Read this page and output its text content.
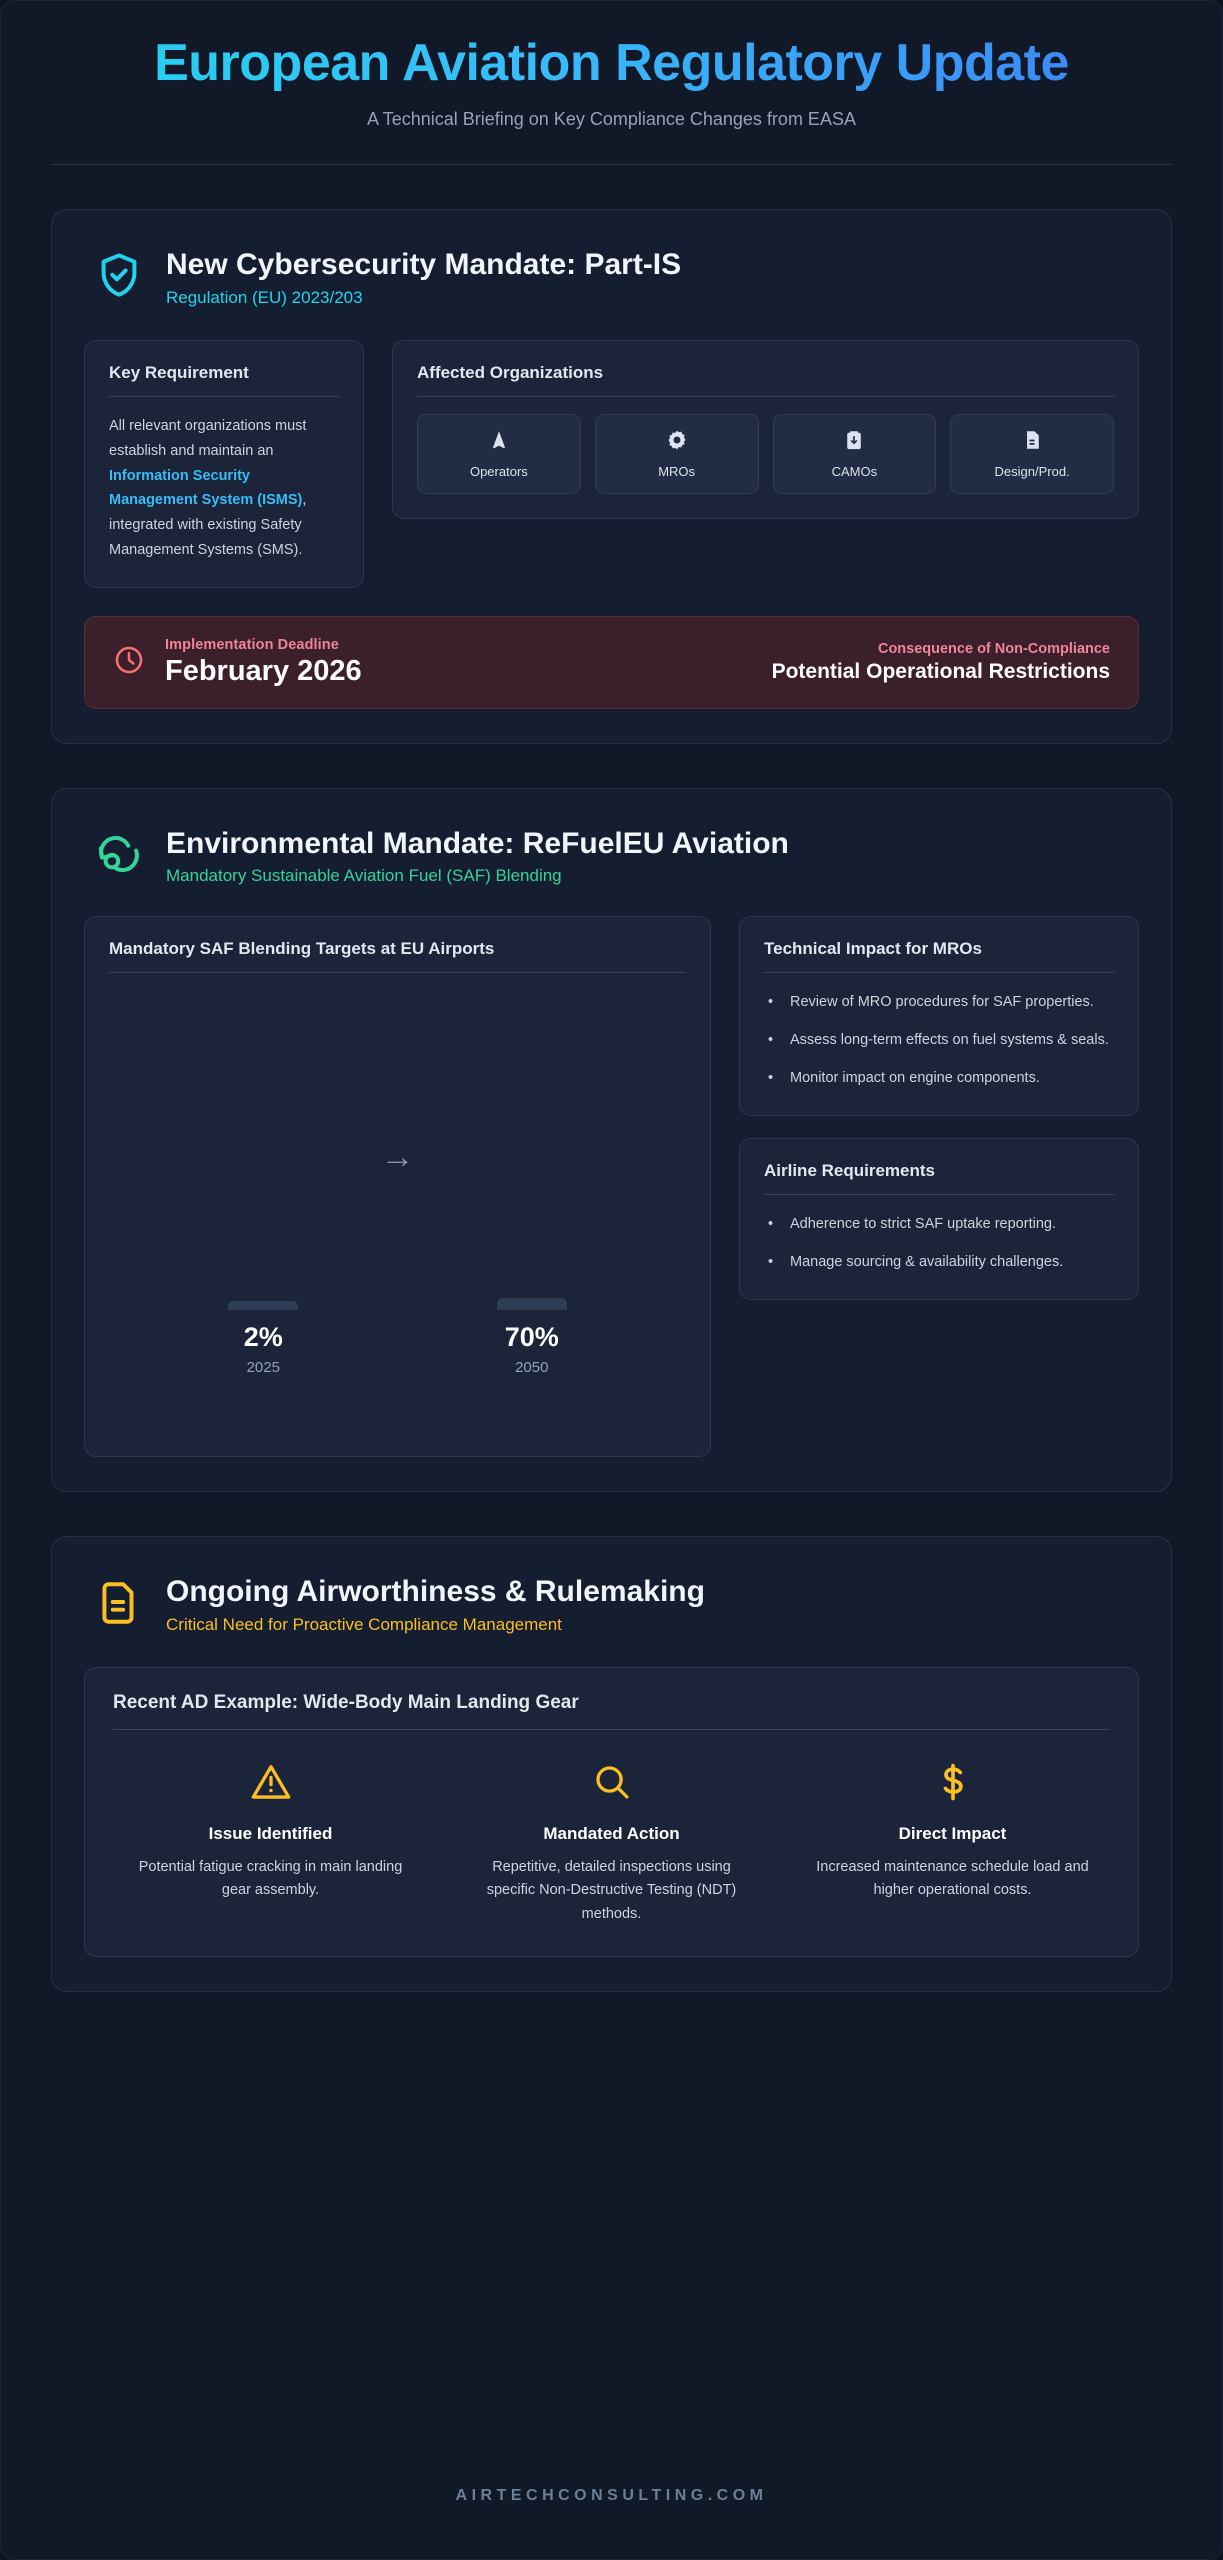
European Aviation Regulatory Update
A Technical Briefing on Key Compliance Changes from EASA
New Cybersecurity Mandate: Part-IS
Regulation (EU) 2023/203
Key Requirement
All relevant organizations must establish and maintain an Information Security Management System (ISMS), integrated with existing Safety Management Systems (SMS).
Affected Organizations
Operators	MROs	CAMOs	Design/Prod.
Implementation Deadline
February 2026
Consequence of Non-Compliance
Potential Operational Restrictions
Environmental Mandate: ReFuelEU Aviation
Mandatory Sustainable Aviation Fuel (SAF) Blending
Mandatory SAF Blending Targets at EU Airports
→
2%
2025
70%
2050
Technical Impact for MROs
• Review of MRO procedures for SAF properties.
• Assess long-term effects on fuel systems & seals.
• Monitor impact on engine components.
Airline Requirements
• Adherence to strict SAF uptake reporting.
• Manage sourcing & availability challenges.
Ongoing Airworthiness & Rulemaking
Critical Need for Proactive Compliance Management
Recent AD Example: Wide-Body Main Landing Gear
Issue Identified
Potential fatigue cracking in main landing gear assembly.
Mandated Action
Repetitive, detailed inspections using specific Non-Destructive Testing (NDT) methods.
Direct Impact
Increased maintenance schedule load and higher operational costs.
AIRTECHCONSULTING.COM
